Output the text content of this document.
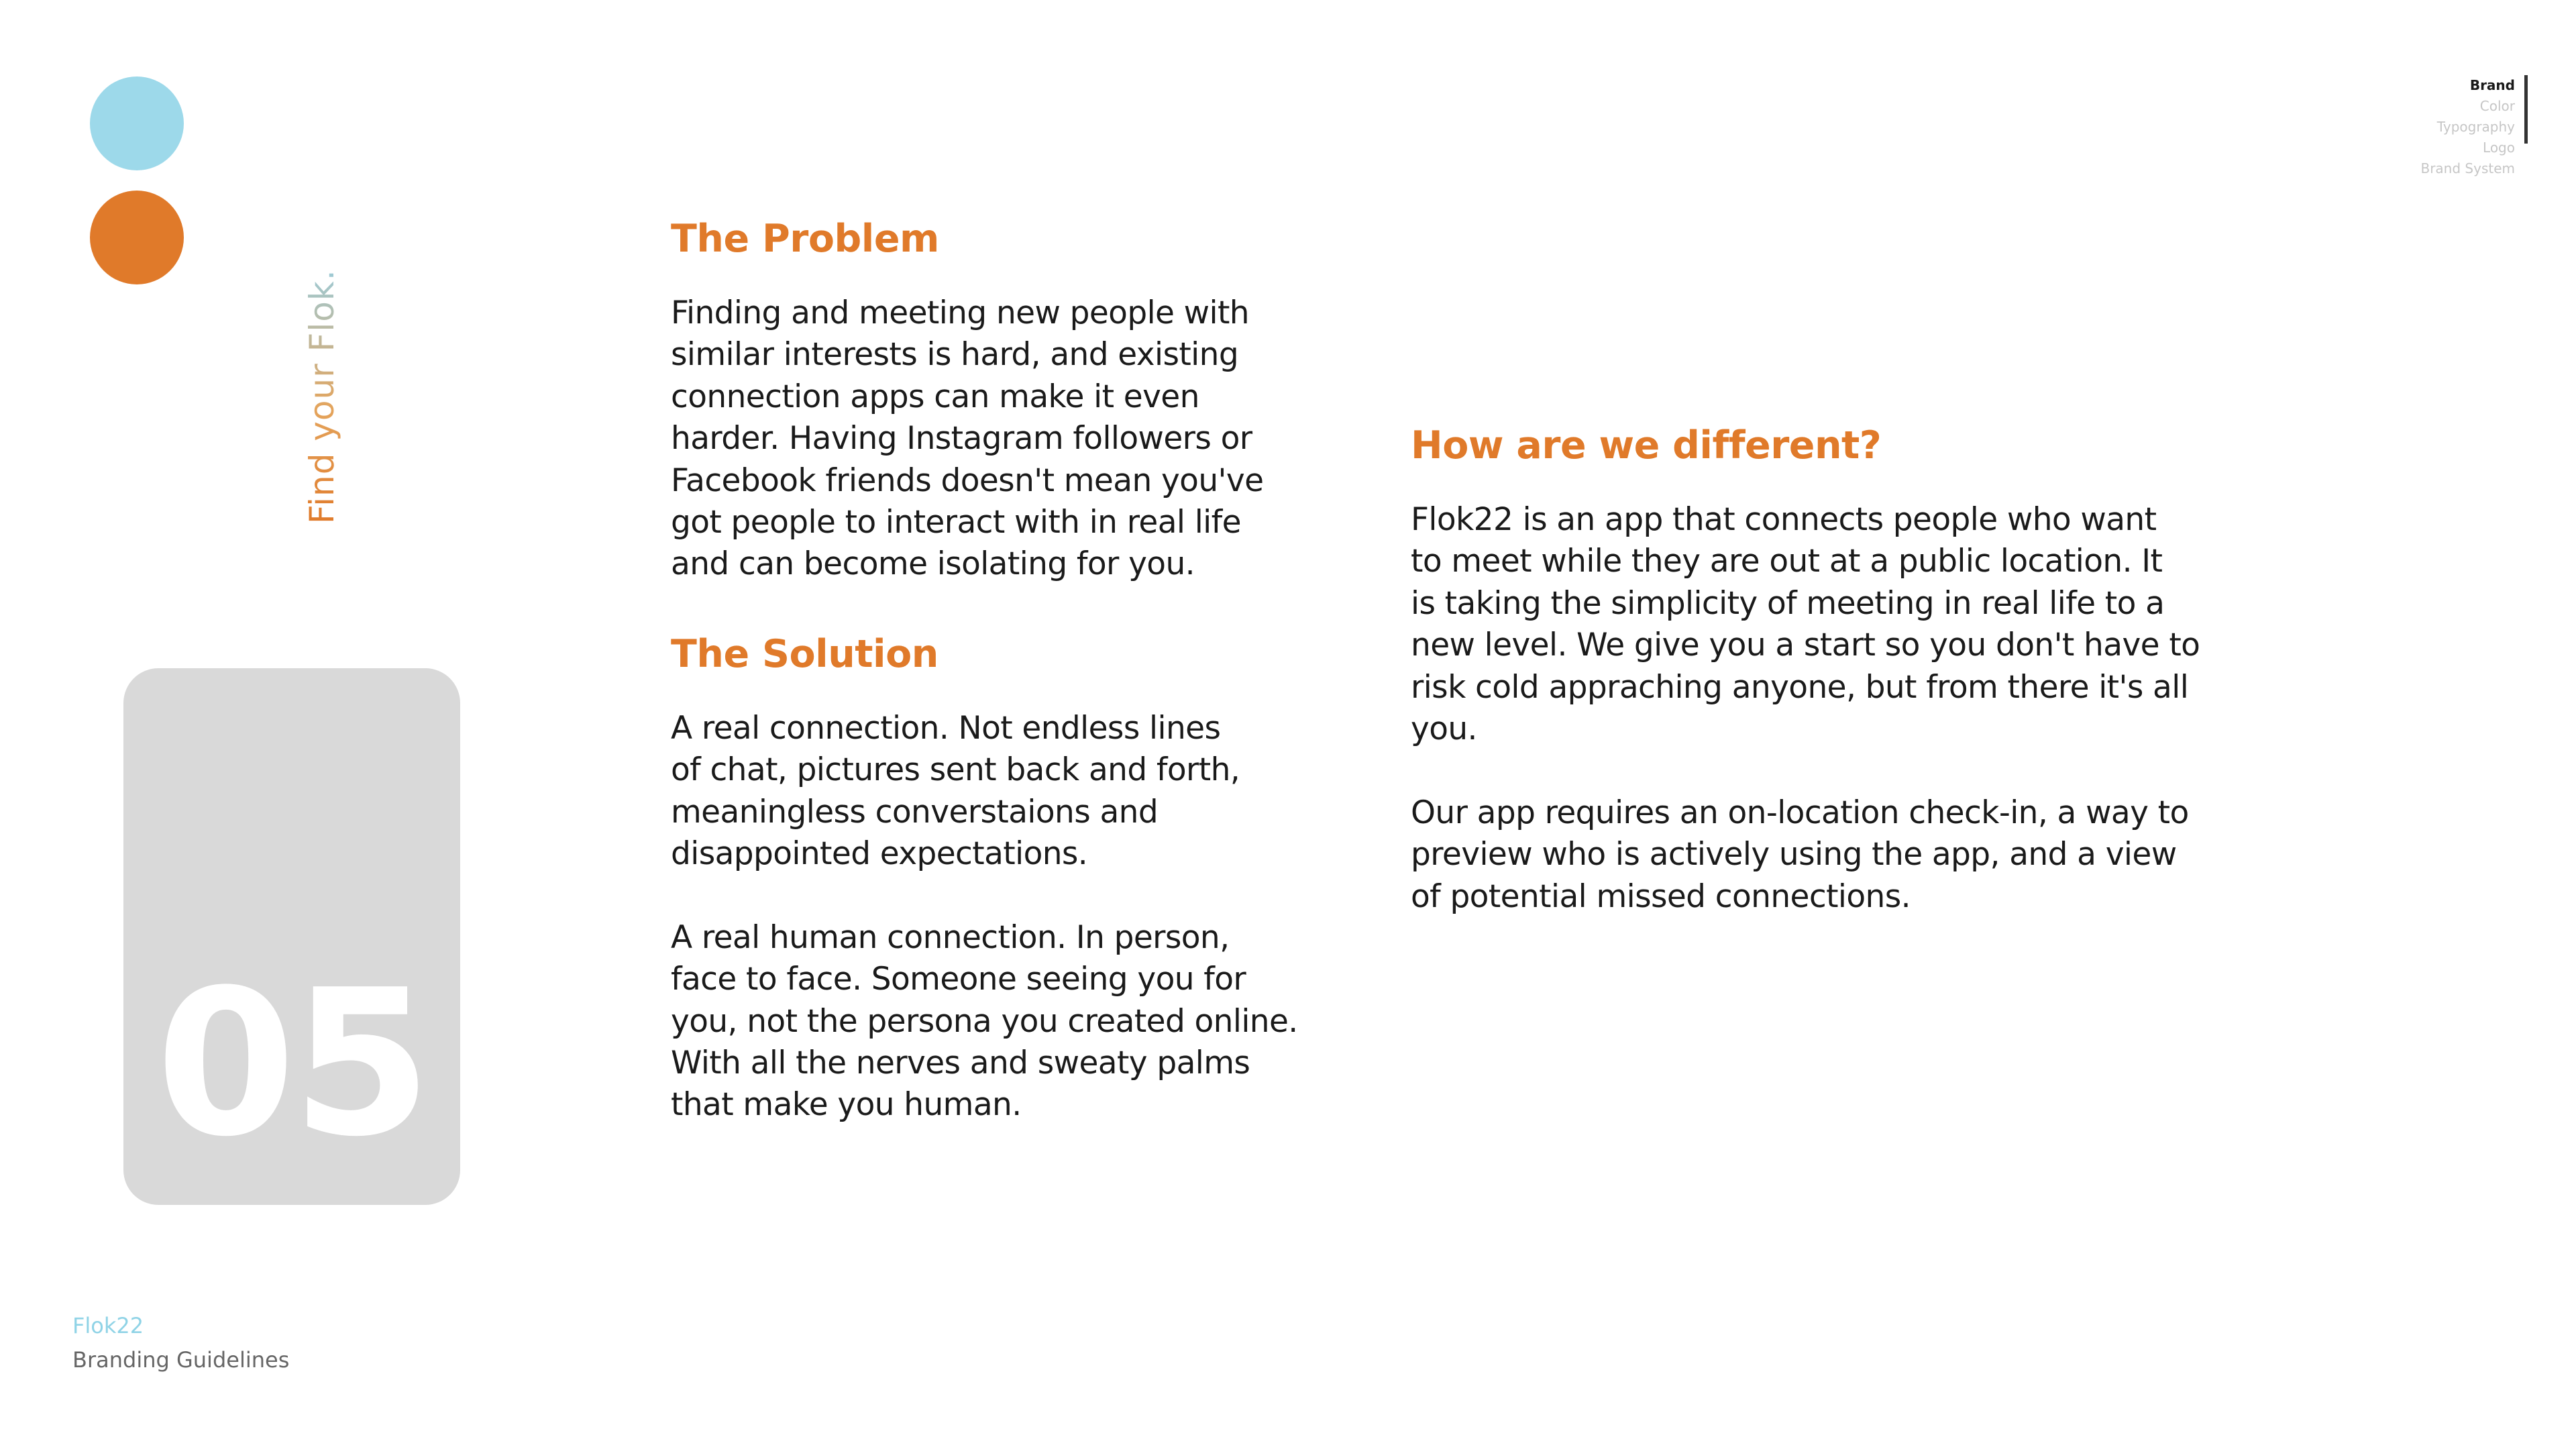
Find your Flok.
05
Flok22
Branding Guidelines
Brand
Color
Typography
Logo
Brand System
The Problem

Finding and meeting new people with
similar interests is hard, and existing
connection apps can make it even
harder. Having Instagram followers or
Facebook friends doesn't mean you've
got people to interact with in real life
and can become isolating for you.

The Solution

A real connection. Not endless lines
of chat, pictures sent back and forth,
meaningless converstaions and
disappointed expectations.

A real human connection. In person,
face to face. Someone seeing you for
you, not the persona you created online.
With all the nerves and sweaty palms
that make you human.

How are we different?

Flok22 is an app that connects people who want
to meet while they are out at a public location. It
is taking the simplicity of meeting in real life to a
new level. We give you a start so you don't have to
risk cold appraching anyone, but from there it's all
you.

Our app requires an on-location check-in, a way to
preview who is actively using the app, and a view
of potential missed connections.
